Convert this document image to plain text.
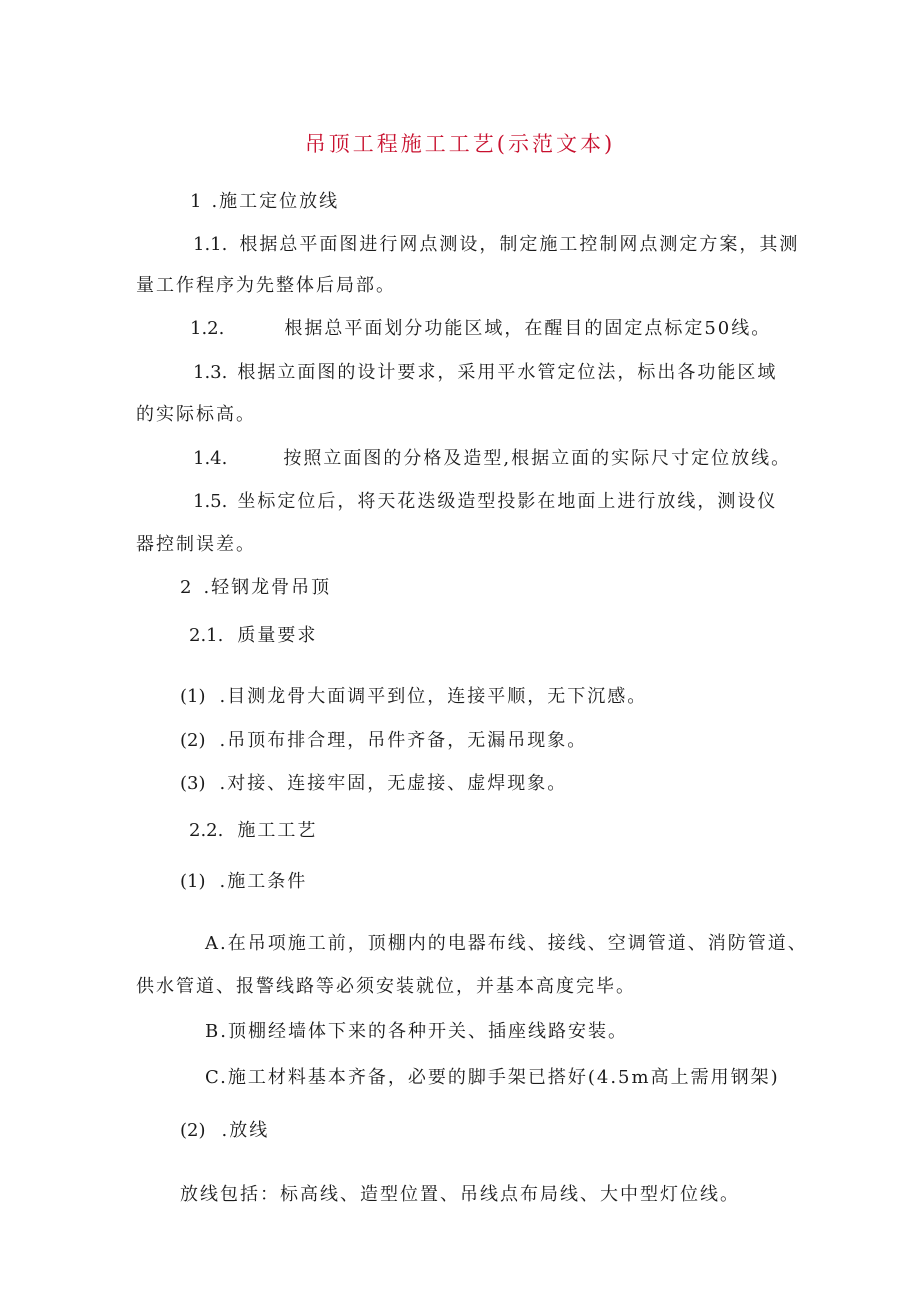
吊顶工程施工工艺(示范文本)

1 .施工定位放线

1.1. 根据总平面图进行网点测设，制定施工控制网点测定方案，其测

量工作程序为先整体后局部。

1.2.	根据总平面划分功能区域，在醒目的固定点标定50线。

1.3. 根据立面图的设计要求，采用平水管定位法，标出各功能区域

的实际标高。

1.4.	按照立面图的分格及造型,根据立面的实际尺寸定位放线。

1.5. 坐标定位后，将天花迭级造型投影在地面上进行放线，测设仪

器控制误差。

2 .轻钢龙骨吊顶

2.1. 质量要求

(1) .目测龙骨大面调平到位，连接平顺，无下沉感。

(2) .吊顶布排合理，吊件齐备，无漏吊现象。

(3) .对接、连接牢固，无虚接、虚焊现象。

2.2. 施工工艺

(1) .施工条件

A.在吊项施工前，顶棚内的电器布线、接线、空调管道、消防管道、

供水管道、报警线路等必须安装就位，并基本高度完毕。

B.顶棚经墙体下来的各种开关、插座线路安装。

C.施工材料基本齐备，必要的脚手架已搭好(4.5m高上需用钢架)

(2) .放线

放线包括：标高线、造型位置、吊线点布局线、大中型灯位线。
